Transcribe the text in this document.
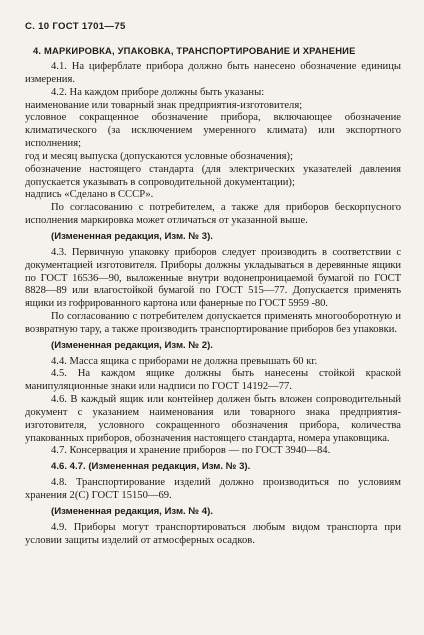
С. 10 ГОСТ 1701—75
4. МАРКИРОВКА, УПАКОВКА, ТРАНСПОРТИРОВАНИЕ И ХРАНЕНИЕ

4.1. На циферблате прибора должно быть нанесено обозначение единицы измерения.

4.2. На каждом приборе должны быть указаны:

наименование или товарный знак предприятия-изготовителя;

условное сокращенное обозначение прибора, включающее обозначение климатического (за исключением умеренного климата) или экспортного исполнения;

год и месяц выпуска (допускаются условные обозначения);

обозначение настоящего стандарта (для электрических указателей давления допускается указывать в сопроводительной документации);

надпись «Сделано в СССР».

По согласованию с потребителем, а также для приборов бескорпусного исполнения маркировка может отличаться от указанной выше.

(Измененная редакция, Изм. № 3).

4.3. Первичную упаковку приборов следует производить в соответствии с документацией изготовителя. Приборы должны укладываться в деревянные ящики по ГОСТ 16536—90, выложенные внутри водонепроницаемой бумагой по ГОСТ 8828—89 или влагостойкой бумагой по ГОСТ 515—77. Допускается применять ящики из гофрированного картона или фанерные по ГОСТ 5959 -80.

По согласованию с потребителем допускается применять многооборотную и возвратную тару, а также производить транспортирование приборов без упаковки.

(Измененная редакция, Изм. № 2).

4.4. Масса ящика с приборами не должна превышать 60 кг.

4.5. На каждом ящике должны быть нанесены стойкой краской манипуляционные знаки или надписи по ГОСТ 14192—77.

4.6. В каждый ящик или контейнер должен быть вложен сопроводительный документ с указанием наименования или товарного знака предприятия-изготовителя, условного сокращенного обозначения прибора, количества упакованных приборов, обозначения настоящего стандарта, номера упаковщика.

4.7. Консервация и хранение приборов — по ГОСТ 3940—84.

4.6. 4.7. (Измененная редакция, Изм. № 3).

4.8. Транспортирование изделий должно производиться по условиям хранения 2(С) ГОСТ 15150—69.

(Измененная редакция, Изм. № 4).

4.9. Приборы могут транспортироваться любым видом транспорта при условии защиты изделий от атмосферных осадков.
